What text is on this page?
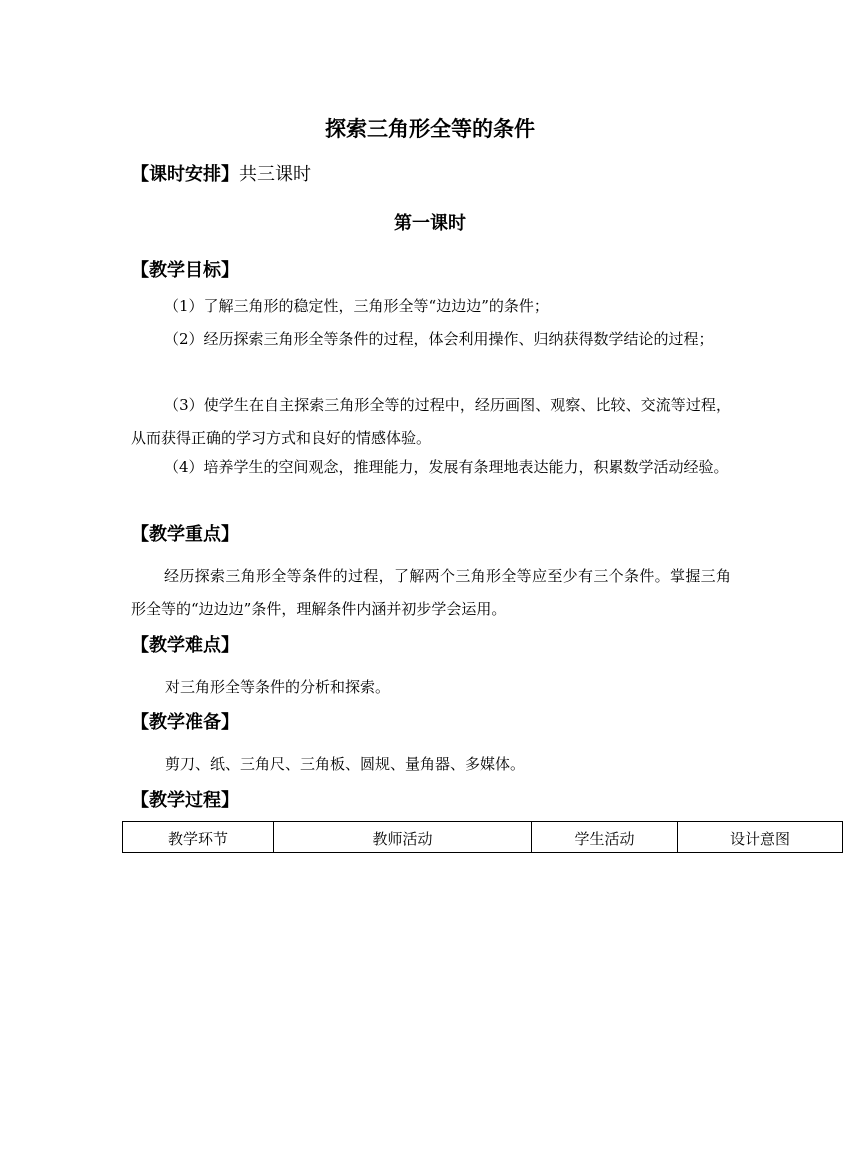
探索三角形全等的条件
【课时安排】共三课时
第一课时
【教学目标】
（1）了解三角形的稳定性，三角形全等“边边边”的条件；
（2）经历探索三角形全等条件的过程，体会利用操作、归纳获得数学结论的过程；
（3）使学生在自主探索三角形全等的过程中，经历画图、观察、比较、交流等过程，从而获得正确的学习方式和良好的情感体验。
（4）培养学生的空间观念，推理能力，发展有条理地表达能力，积累数学活动经验。
【教学重点】
经历探索三角形全等条件的过程，了解两个三角形全等应至少有三个条件。掌握三角形全等的“边边边”条件，理解条件内涵并初步学会运用。
【教学难点】
对三角形全等条件的分析和探索。
【教学准备】
剪刀、纸、三角尺、三角板、圆规、量角器、多媒体。
【教学过程】
教学环节	教师活动	学生活动	设计意图
